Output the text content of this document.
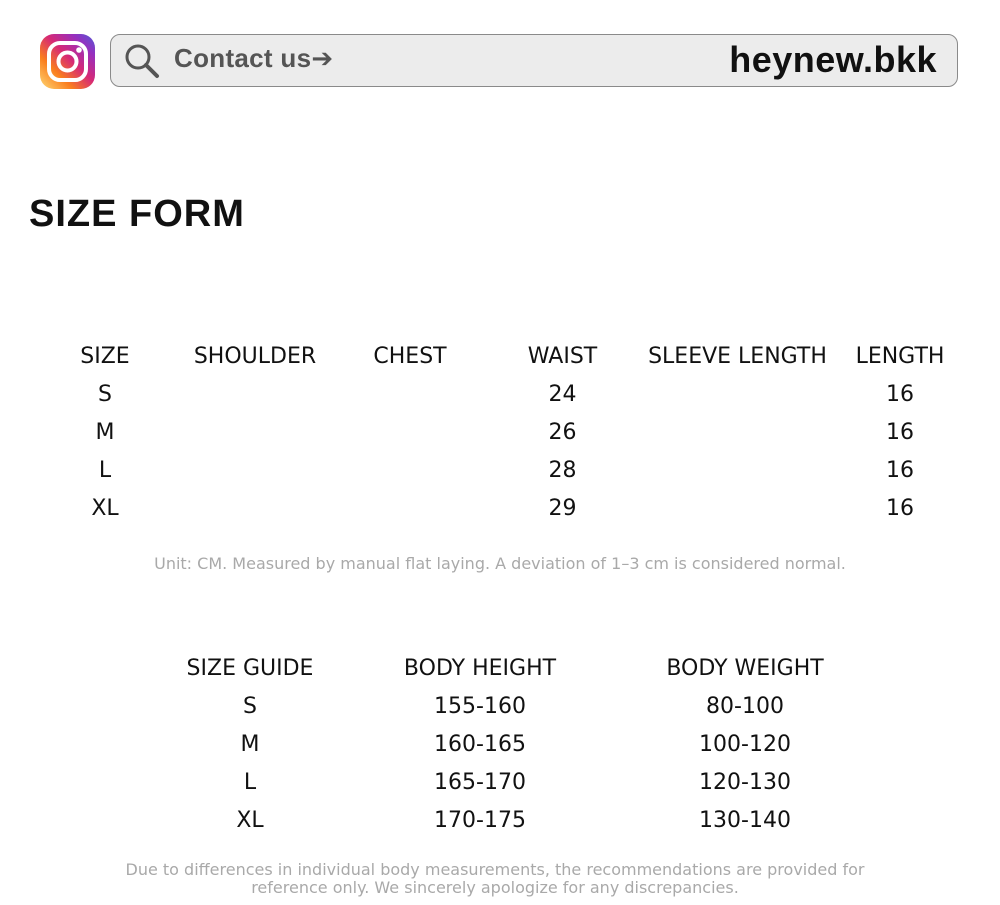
Contact us➔	heynew.bkk
SIZE FORM
SIZE	SHOULDER	CHEST	WAIST	SLEEVE LENGTH	LENGTH
S			24		16
M			26		16
L			28		16
XL			29		16
Unit: CM. Measured by manual flat laying. A deviation of 1–3 cm is considered normal.
SIZE GUIDE	BODY HEIGHT	BODY WEIGHT
S	155-160	80-100
M	160-165	100-120
L	165-170	120-130
XL	170-175	130-140
Due to differences in individual body measurements, the recommendations are provided for
reference only. We sincerely apologize for any discrepancies.
